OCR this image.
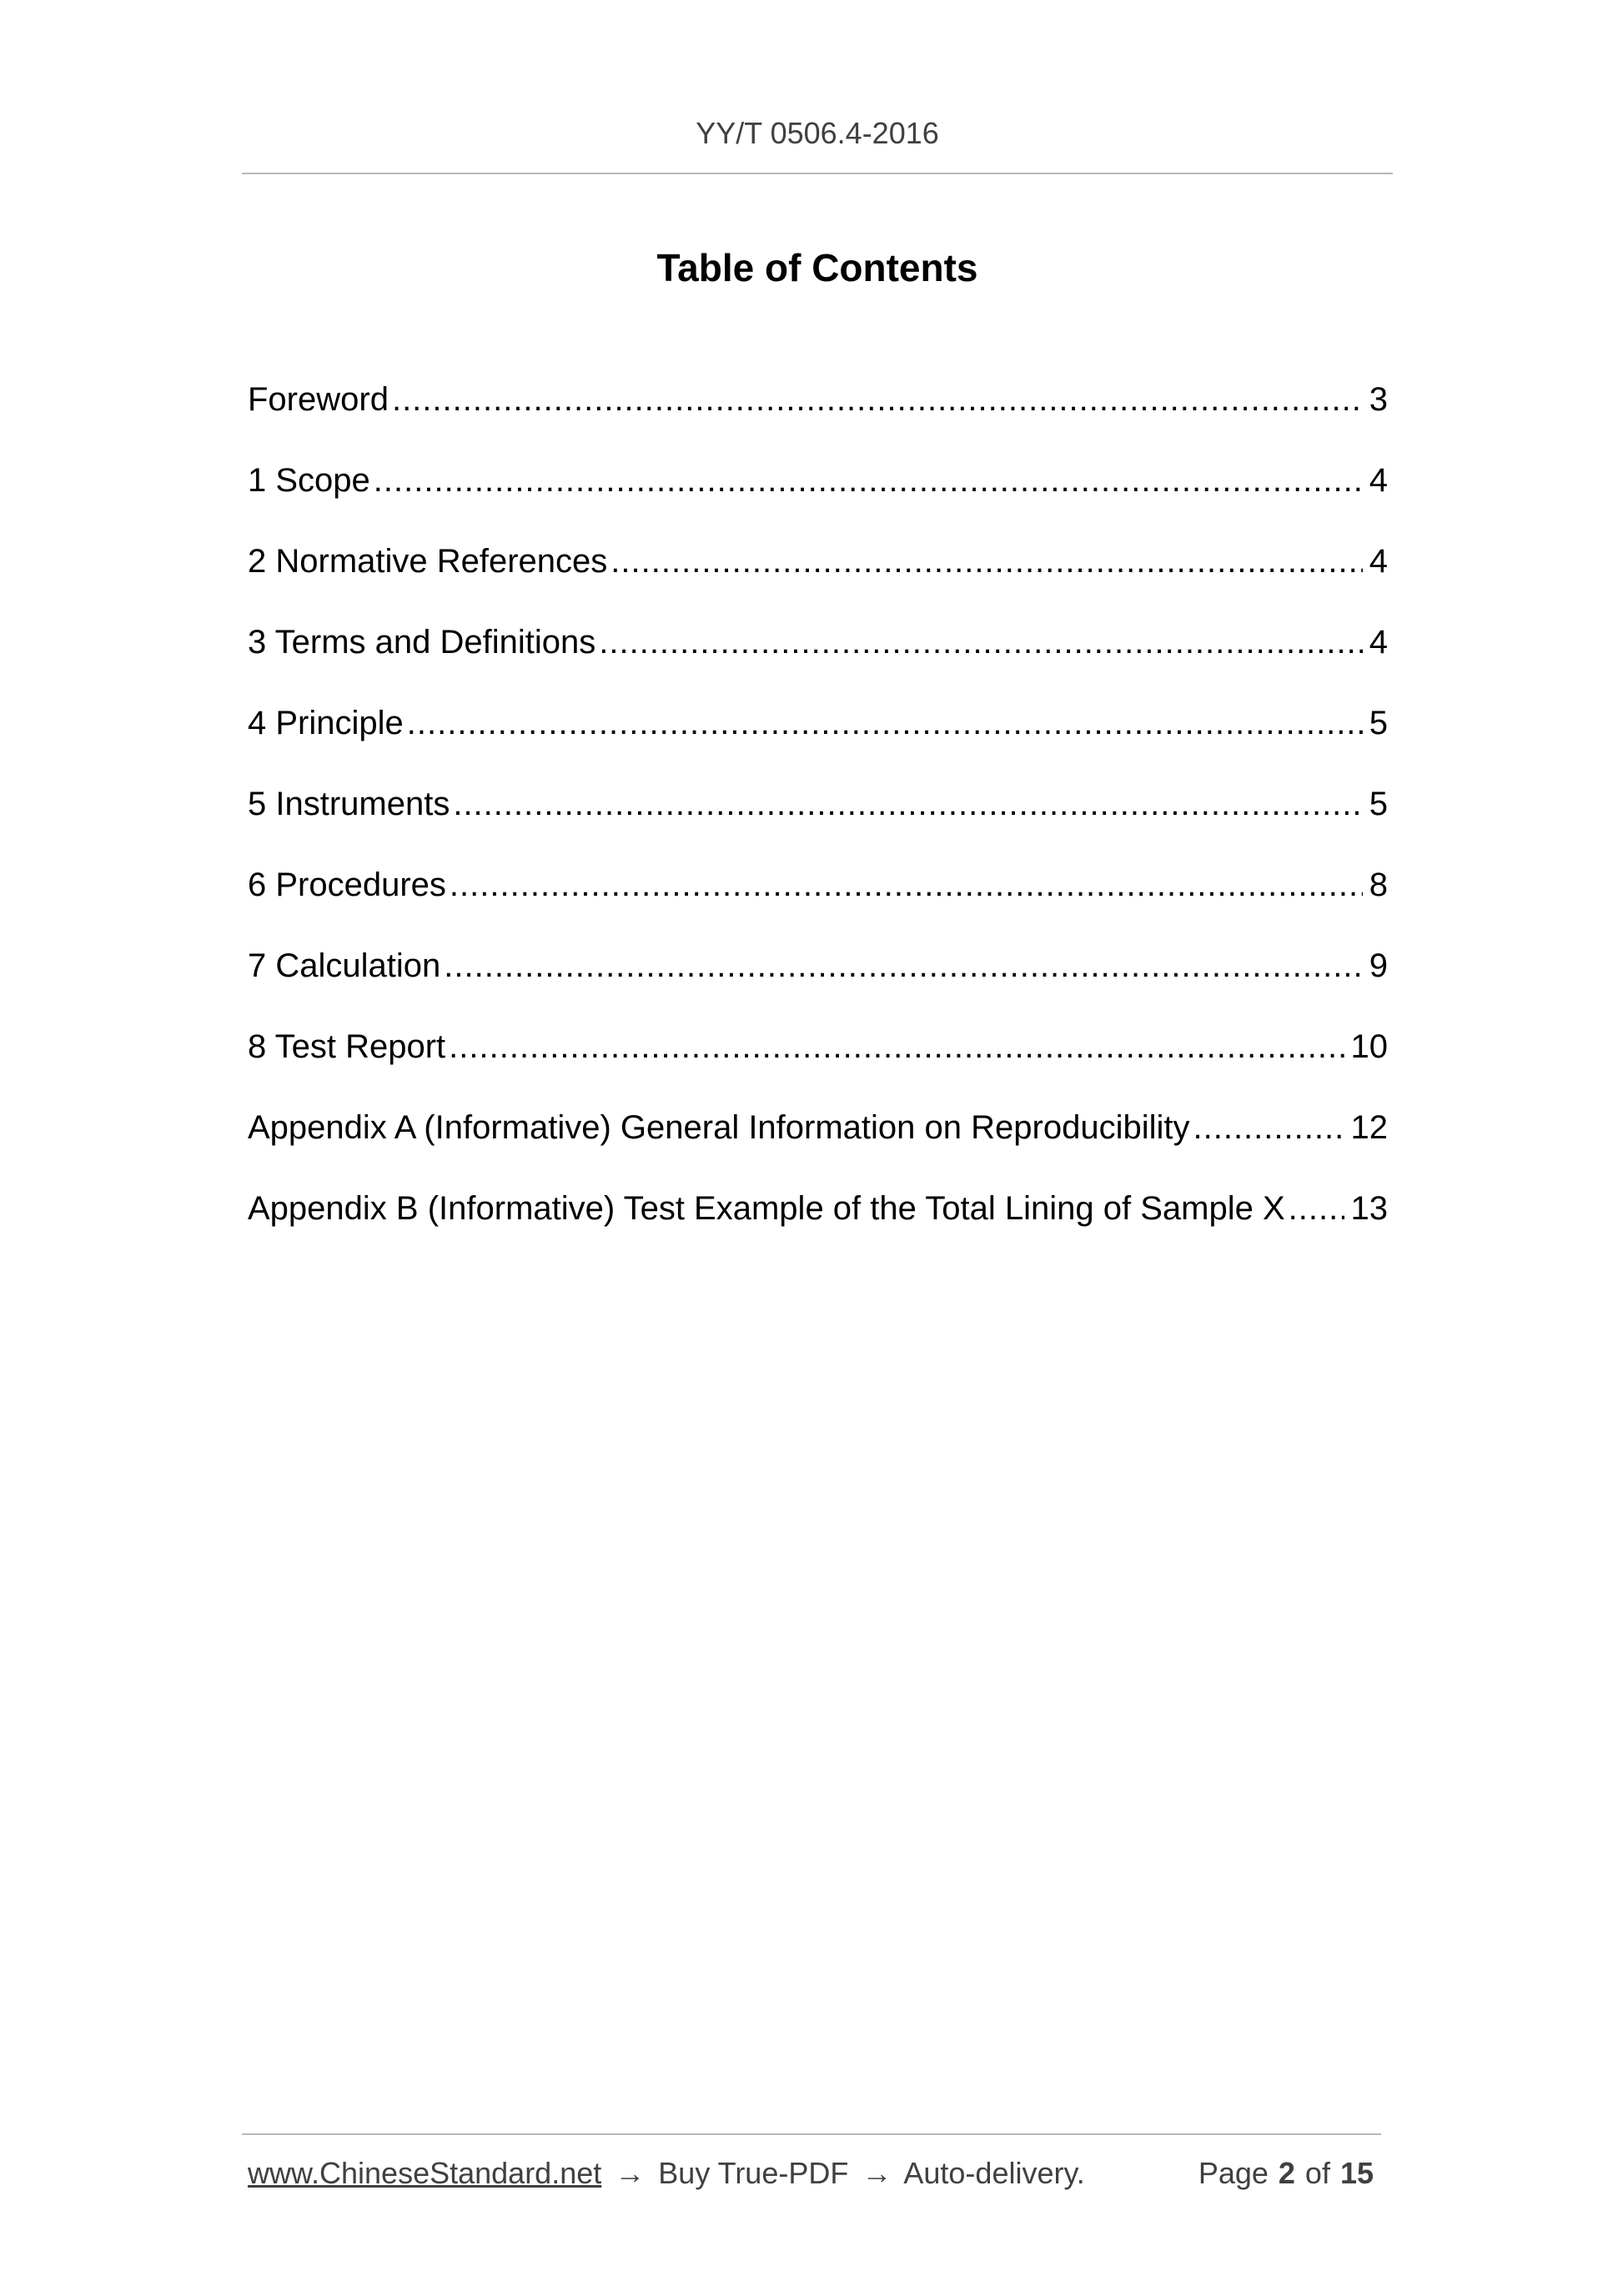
YY/T 0506.4-2016
Table of Contents
Foreword .....	3
1 Scope .....	4
2 Normative References .....	4
3 Terms and Definitions .....	4
4 Principle .....	5
5 Instruments .....	5
6 Procedures .....	8
7 Calculation .....	9
8 Test Report .....	10
Appendix A (Informative) General Information on Reproducibility .....	12
Appendix B (Informative) Test Example of the Total Lining of Sample X ..... 13
www.ChineseStandard.net → Buy True-PDF → Auto-delivery.	Page 2 of 15
